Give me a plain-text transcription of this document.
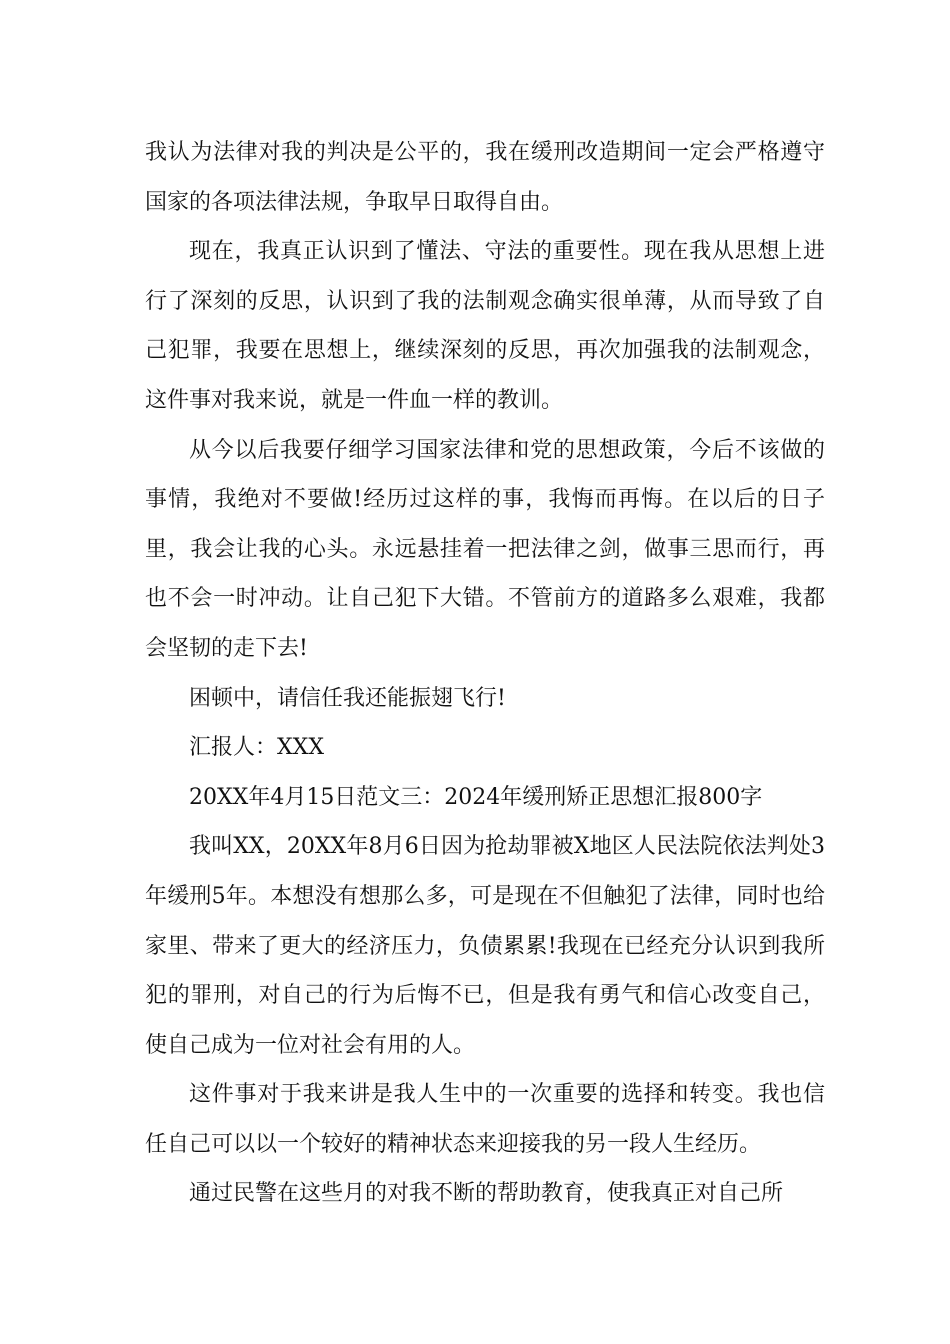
我认为法律对我的判决是公平的，我在缓刑改造期间一定会严格遵守国家的各项法律法规，争取早日取得自由。

现在，我真正认识到了懂法、守法的重要性。现在我从思想上进行了深刻的反思，认识到了我的法制观念确实很单薄，从而导致了自己犯罪，我要在思想上，继续深刻的反思，再次加强我的法制观念，这件事对我来说，就是一件血一样的教训。

从今以后我要仔细学习国家法律和党的思想政策，今后不该做的事情，我绝对不要做!经历过这样的事，我悔而再悔。在以后的日子里，我会让我的心头。永远悬挂着一把法律之剑，做事三思而行，再也不会一时冲动。让自己犯下大错。不管前方的道路多么艰难，我都会坚韧的走下去!

困顿中，请信任我还能振翅飞行!

汇报人：XXX

20XX年4月15日范文三：2024年缓刑矫正思想汇报800字

我叫XX，20XX年8月6日因为抢劫罪被X地区人民法院依法判处3年缓刑5年。本想没有想那么多，可是现在不但触犯了法律，同时也给家里、带来了更大的经济压力，负债累累!我现在已经充分认识到我所犯的罪刑，对自己的行为后悔不已，但是我有勇气和信心改变自己，使自己成为一位对社会有用的人。

这件事对于我来讲是我人生中的一次重要的选择和转变。我也信任自己可以以一个较好的精神状态来迎接我的另一段人生经历。

通过民警在这些月的对我不断的帮助教育，使我真正对自己所
